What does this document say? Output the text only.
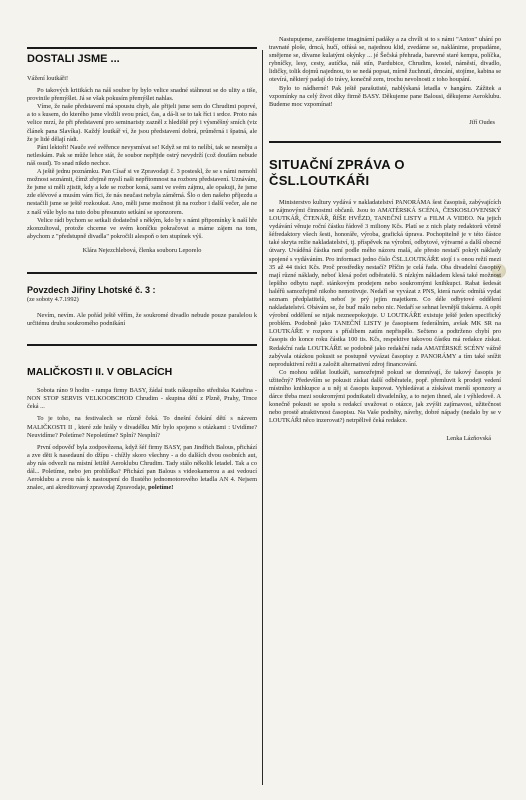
DOSTALI JSME ...

Vážení loutkáři!

Po takových kritikách na náš soubor by bylo velice snadné stáhnout se do ulity a tiše, provinile přemýšlet. Já se však pokusím přemýšlet nahlas.

Víme, že naše představení má spoustu chyb, ale přijeli jsme sem do Chrudimi poprvé, a to s kusem, do kterého jsme vložili svou práci, čas, a dá-li se to tak říci i srdce. Proto nás velice mrzí, že při představení pro seminaristy zazněl z hlediště prý i výsměšný smích (viz článek pana Slavíka). Každý loutkář ví, že jsou představení dobrá, průměrná i špatná, ale že je lidé dělají rádi.

Páni lektoři! Nauče své svěřence nevysmívat se! Když se mi to nelíbí, tak se nesměju a netleskám. Pak se může lehce stát, že soubor nepřijde ostrý nevydrží (což doufám nebude náš osud). To snad nikdo nechce.

A ještě jednu poznámku. Pan Císař si ve Zpravodaji č. 3 posteskl, že se s námi nemohl možnost seznámit, čímž zřejmě myslí naši nepřítomnost na rozboru představení. Uznávám, že jsme si měli zjistit, kdy a kde se rozbor koná, sami ve svém zájmu, ale opakuji, že jsme zde elévové a musím vám říci, že nás neučast nebyla záměrná. Šlo o den našeho příjezdu a nestačili jsme se ještě rozkoukat. Ano, měli jsme možnost jít na rozbor i další večer, ale ne z naší vůle bylo na tuto dobu přesunuto setkání se sponzorem.

Velice rádi bychom se setkali dodatečně s někým, kdo by s námi připomínky k naší hře zkonzultoval, protože chceme ve svém koníčku pokračovat a máme zájem na tom, abychom z "předstupně divadla" pokročili alespoň o ten stupínek výš.

Klára Nejezchlebová, členka souboru Leporelo

Povzdech Jiřiny Lhotské č. 3 :

(ze soboty 4.7.1992)

Nevím, nevím. Ale pořád ještě věřím, že soukromé divadlo nebude pouze paralelou k určitému druhu soukromého podnikání

MALIČKOSTI II. V OBLACÍCH

Sobota ráno 9 hodin - rampa firmy BASY, žádaí tratk nákupního střediska Kateřina - NON STOP SERVIS VELKOOBCHOD Chrudim - skupina dětí z Plzně, Prahy, Trnce čeká ...

To je toho, na festivalech se různě čeká. To dnešní čekání dětí s názvem MALIČKOSTI II , které zde hrály v divadélku Mír bylo spojeno s otázkami : Uvidíme? Neuvidíme? Poletíme? Nepoletíme? Splní? Nesplní?

První odpověď byla zodpovězena, když šéf firmy BASY, pan Jindřich Balous, přichází a zve děti k nasedauní do džípu - chížly skoro všechny - a do dalších dvou osobních aut, aby nás odvezli na místní letiště Aeroklubu Chrudim. Tady stálo několik letadel. Tak a co dál... Poletíme, nebo jen prohlídka? Přichází pan Balous s videokamerou a asi vedoucí Aeroklubu a zvou nás k nastoupení do Ilustého jednomotorového letadla AN 4. Nejsem znalec, ani akreditovaný zpravodaj Zpravodaje, poletíme!

Nastupujeme, zavěšujeme imaginární padáky a za chvíli si to s námi "Anton" uhání po travnaté ploše, drncá, hučí, otřásá se, najednou klid, zvedáme se, naklánime, propadáme, smějeme se, dívame kulatými okýnky ... jé Šečská přehrada, barevné staré kempu, políčka, rybníčky, lesy, cesty, autíčka, náš stín, Pardubice, Chrudim, kostel, náměstí, divadlo, lidičky, tolik dojmů najednou, to se nedá popsat, mírně žuchnutí, drncání, stojíme, kabina se otevírá, některý padají do trávy, konečně zem, trochu nevolnosti z toho houpání.

Bylo to nádherné! Pak ještě parašutisté, nablýskaná letadla v hangáru. Zážitek a vzpomínky na celý život díky firmě BASY. Děkujeme pane Balousi, děkujeme Aeroklubu. Budeme moc vzpomínat!

Jiří Oudes

SITUAČNÍ ZPRÁVA O
ČSL.LOUTKÁŘI

Ministerstvo kultury vydává v nakladatelství PANORÁMA šest časopisů, zabývajících se zájmovými činnostmi občanů. Jsou to AMATÉRSKÁ SCÉNA, ČESKOSLOVENSKÝ LOUTKÁŘ, ČTENÁŘ, ŘÍŠE HVĚZD, TANEČNÍ LISTY a FILM A VIDEO. Na jejich vydávání věnuje roční částku řádově 3 miliony Kčs. Platí se z nich platy redaktorů včetně šéfredaktory všech šesti, honoráře, výroba, grafická úprava. Pochopitelně je v této částce také skryta režie nakladatelství, tj. příspěvek na výrobní, odbytové, výtvarné a další obecné útvary. Uváděná částka není podle mého názoru malá, ale přesto nestačí pokrýt náklady spojené s vydáváním. Pro informaci jedno číslo ČSL.LOUTKÁŘE stojí i s onou režií mezi 35 až 44 tisíci Kčs. Proč prostředky nestačí? Příčin je celá řada. Oba divadelní časopisy mají různé náklady, neboť klesá počet odběratelů. S nízkým nákladem klesá také možnost lepšího odbytu např. stánkovým prodejem nebo soukromými knihkupci. Rabat šedesát haléřů samozřejmě nikoho nemotivuje. Nedaří se vyvázat z PNS, která navíc odmítá vydat seznam předplatitelů, neboť je prý jejím majetkem. Co déle odbytové oddělení nakladatelství. Obávám se, že buď málo nebo nic. Nedaří se sehnat levnější tiskárnu. A opět výrobní oddělení se nijak nezneepokojuje. U LOUTKÁŘE existuje ještě jeden specifický problém. Podobně jako TANEČNÍ LISTY je časopisem federálním, avšak MK SR na LOUTKÁŘE v rozporu s příslibem zatím nepřispělo. Sečteno a podtrženo chybí pro časopis do konce roku částka 100 tis. Kčs, respektive takovou částku má redakce získat. Redakční rada LOUTKÁŘE se podobně jako redakční rada AMATÉRSKÉ SCÉNY vážně zabývala otázkou pokusit se postupně vyvázat časopisy z PANORÁMY a tím také snížit neproduktivní režii a založit alternativní zdroj financování.

Co mohou udělat loutkáři, samozřejmě pokud se domnívají, že takový časopis je užitečný? Především se pokusit získat další odběratele, popř. přemluvit k prodeji vedení místního knihkupce a u něj si časopis kupovat. Vyhledávat a získávat menší sponzory a dárce třeba mezi soukromými podnikateli divadelníky, a to nejen ihned, ale i výhledově. A konečně pokusit se spolu s redakcí uvažovat o otázce, jak zvýšit zajímavost, užitečnost nebo prostě atraktivnost časopisu. Na Vaše podněty, návrhy, dobré nápady (nedalo by se v LOUTKÁŘI něco inzerovat?) netrpělivě čeká redakce.

Lenka Lázňovská
